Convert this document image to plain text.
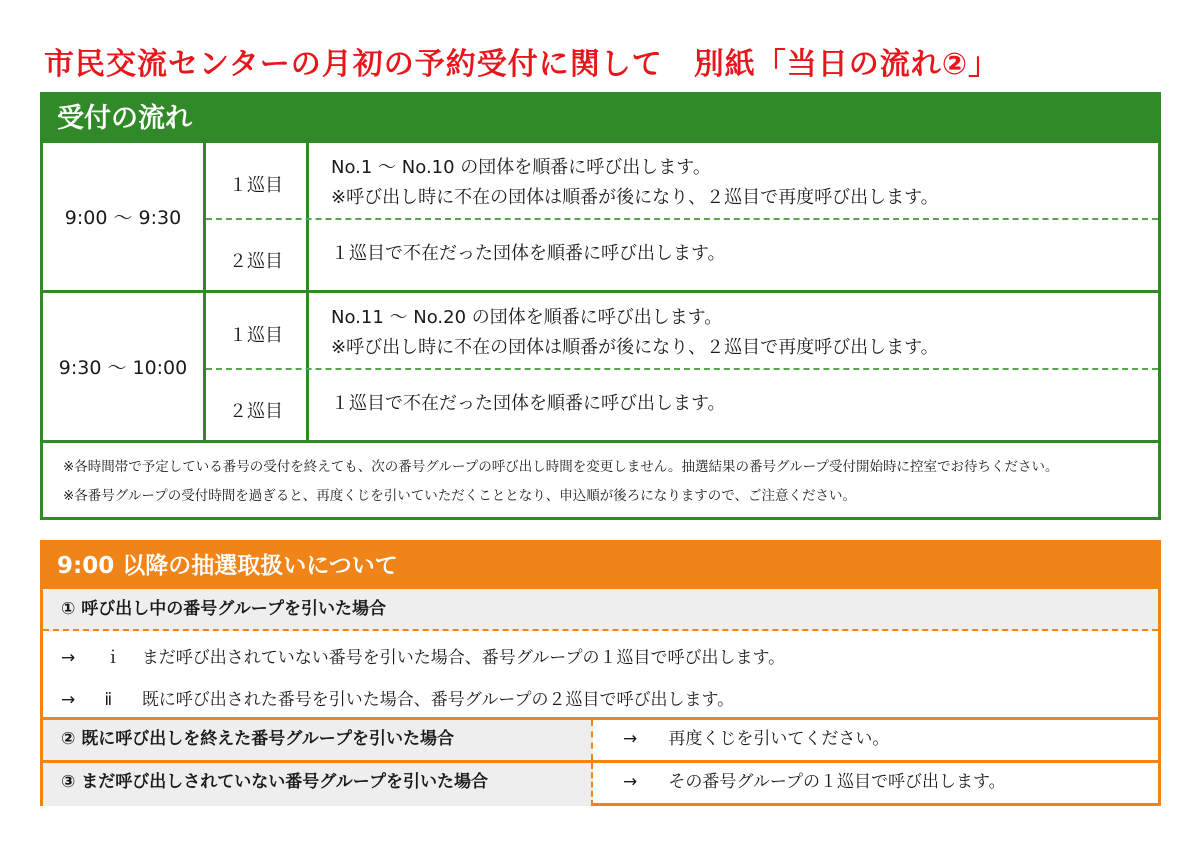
市民交流センターの月初の予約受付に関して　別紙「当日の流れ②」
受付の流れ
9:00 ～ 9:30
１巡目
２巡目
No.1 ～ No.10 の団体を順番に呼び出します。
※呼び出し時に不在の団体は順番が後になり、２巡目で再度呼び出します。
１巡目で不在だった団体を順番に呼び出します。
9:30 ～ 10:00
１巡目
２巡目
No.11 ～ No.20 の団体を順番に呼び出します。
※呼び出し時に不在の団体は順番が後になり、２巡目で再度呼び出します。
１巡目で不在だった団体を順番に呼び出します。
※各時間帯で予定している番号の受付を終えても、次の番号グループの呼び出し時間を変更しません。抽選結果の番号グループ受付開始時に控室でお待ちください。
※各番号グループの受付時間を過ぎると、再度くじを引いていただくこととなり、申込順が後ろになりますので、ご注意ください。
9:00 以降の抽選取扱いについて
① 呼び出し中の番号グループを引いた場合
→ ｉ まだ呼び出されていない番号を引いた場合、番号グループの１巡目で呼び出します。
→ ⅱ 既に呼び出された番号を引いた場合、番号グループの２巡目で呼び出します。
② 既に呼び出しを終えた番号グループを引いた場合	→ 再度くじを引いてください。
③ まだ呼び出しされていない番号グループを引いた場合	→ その番号グループの１巡目で呼び出します。
